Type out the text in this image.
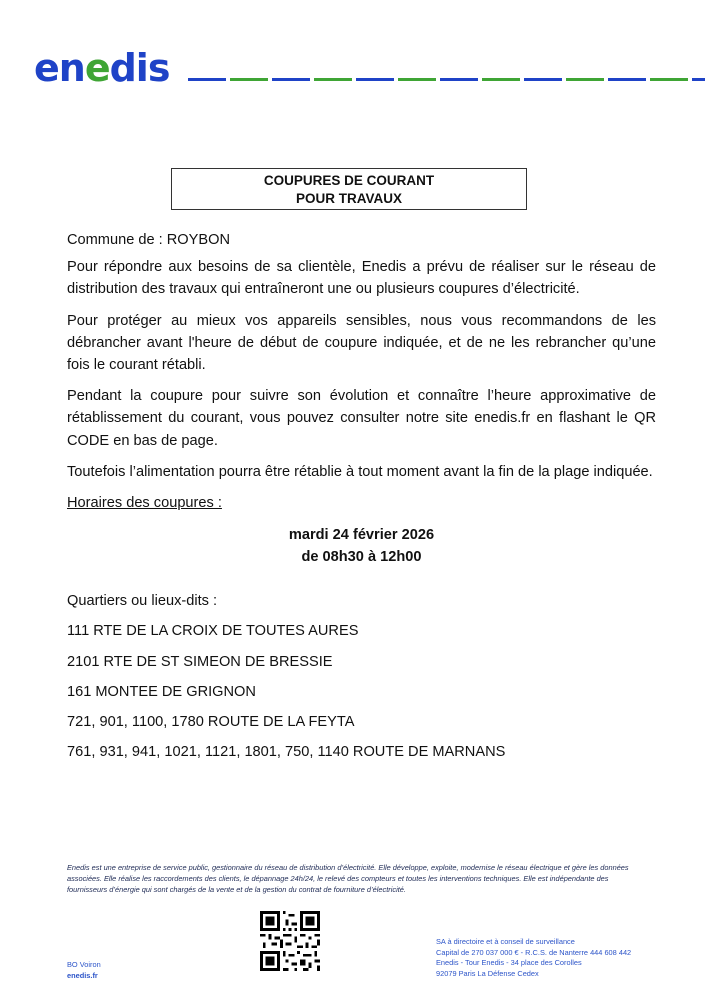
enedis
COUPURES DE COURANT
POUR TRAVAUX

Commune de : ROYBON

Pour répondre aux besoins de sa clientèle, Enedis a prévu de réaliser sur le réseau de distribution des travaux qui entraîneront une ou plusieurs coupures d’électricité.

Pour protéger au mieux vos appareils sensibles, nous vous recommandons de les débrancher avant l'heure de début de coupure indiquée, et de ne les rebrancher qu’une fois le courant rétabli.

Pendant la coupure pour suivre son évolution et connaître l’heure approximative de rétablissement du courant, vous pouvez consulter notre site enedis.fr en flashant le QR CODE en bas de page.

Toutefois l’alimentation pourra être rétablie à tout moment avant la fin de la plage indiquée.

Horaires des coupures :

mardi 24 février 2026
de 08h30 à 12h00

Quartiers ou lieux-dits :

111 RTE DE LA CROIX DE TOUTES AURES

2101 RTE DE ST SIMEON DE BRESSIE

161 MONTEE DE GRIGNON

721, 901, 1100, 1780 ROUTE DE LA FEYTA

761, 931, 941, 1021, 1121, 1801, 750, 1140 ROUTE DE MARNANS

Enedis est une entreprise de service public, gestionnaire du réseau de distribution d’électricité. Elle développe, exploite, modernise le réseau électrique et gère les données associées. Elle réalise les raccordements des clients, le dépannage 24h/24, le relevé des compteurs et toutes les interventions techniques. Elle est indépendante des fournisseurs d’énergie qui sont chargés de la vente et de la gestion du contrat de fourniture d’électricité.
BO Voiron
enedis.fr
SA à directoire et à conseil de surveillance
Capital de 270 037 000 € - R.C.S. de Nanterre 444 608 442
Enedis - Tour Enedis - 34 place des Corolles
92079 Paris La Défense Cedex
